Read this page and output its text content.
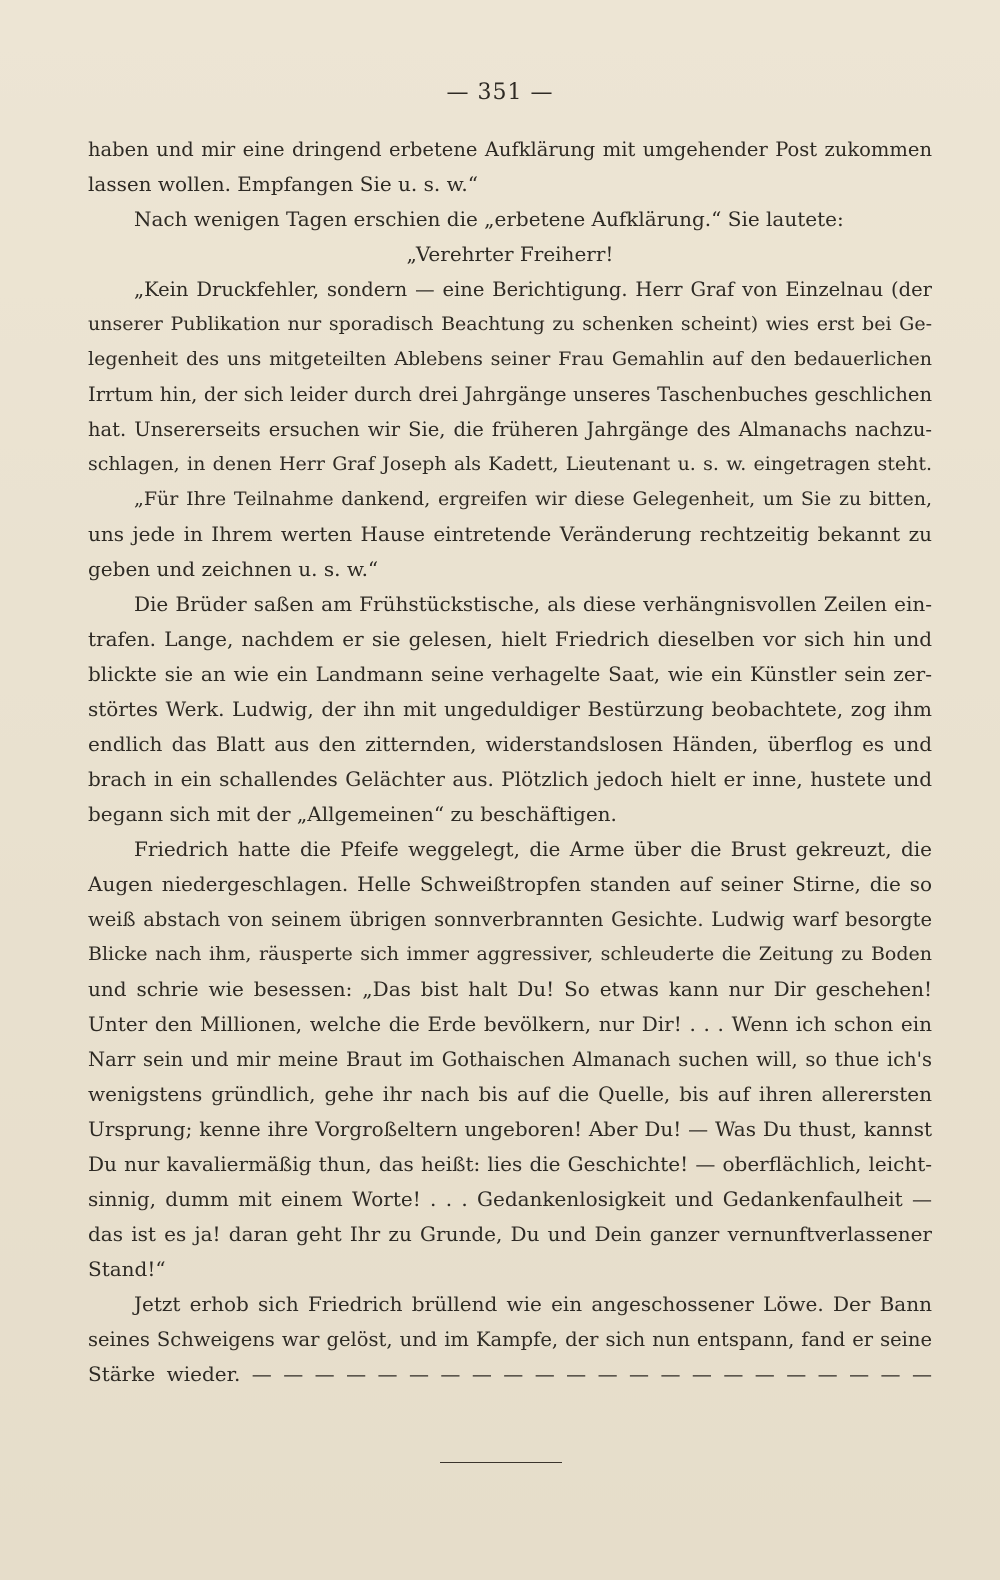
— 351 —
haben und mir eine dringend erbetene Aufklärung mit umgehender Post zukommen
lassen wollen. Empfangen Sie u. s. w.“
Nach wenigen Tagen erschien die „erbetene Aufklärung.“ Sie lautete:
„Verehrter Freiherr!
„Kein Druckfehler, sondern — eine Berichtigung. Herr Graf von Einzelnau (der
unserer Publikation nur sporadisch Beachtung zu schenken scheint) wies erst bei Ge-
legenheit des uns mitgeteilten Ablebens seiner Frau Gemahlin auf den bedauerlichen
Irrtum hin, der sich leider durch drei Jahrgänge unseres Taschenbuches geschlichen
hat. Unsererseits ersuchen wir Sie, die früheren Jahrgänge des Almanachs nachzu-
schlagen, in denen Herr Graf Joseph als Kadett, Lieutenant u. s. w. eingetragen steht.
„Für Ihre Teilnahme dankend, ergreifen wir diese Gelegenheit, um Sie zu bitten,
uns jede in Ihrem werten Hause eintretende Veränderung rechtzeitig bekannt zu
geben und zeichnen u. s. w.“
Die Brüder saßen am Frühstückstische, als diese verhängnisvollen Zeilen ein-
trafen. Lange, nachdem er sie gelesen, hielt Friedrich dieselben vor sich hin und
blickte sie an wie ein Landmann seine verhagelte Saat, wie ein Künstler sein zer-
störtes Werk. Ludwig, der ihn mit ungeduldiger Bestürzung beobachtete, zog ihm
endlich das Blatt aus den zitternden, widerstandslosen Händen, überflog es und
brach in ein schallendes Gelächter aus. Plötzlich jedoch hielt er inne, hustete und
begann sich mit der „Allgemeinen“ zu beschäftigen.
Friedrich hatte die Pfeife weggelegt, die Arme über die Brust gekreuzt, die
Augen niedergeschlagen. Helle Schweißtropfen standen auf seiner Stirne, die so
weiß abstach von seinem übrigen sonnverbrannten Gesichte. Ludwig warf besorgte
Blicke nach ihm, räusperte sich immer aggressiver, schleuderte die Zeitung zu Boden
und schrie wie besessen: „Das bist halt Du! So etwas kann nur Dir geschehen!
Unter den Millionen, welche die Erde bevölkern, nur Dir! . . . Wenn ich schon ein
Narr sein und mir meine Braut im Gothaischen Almanach suchen will, so thue ich's
wenigstens gründlich, gehe ihr nach bis auf die Quelle, bis auf ihren allerersten
Ursprung; kenne ihre Vorgroßeltern ungeboren! Aber Du! — Was Du thust, kannst
Du nur kavaliermäßig thun, das heißt: lies die Geschichte! — oberflächlich, leicht-
sinnig, dumm mit einem Worte! . . . Gedankenlosigkeit und Gedankenfaulheit —
das ist es ja! daran geht Ihr zu Grunde, Du und Dein ganzer vernunftverlassener
Stand!“
Jetzt erhob sich Friedrich brüllend wie ein angeschossener Löwe. Der Bann
seines Schweigens war gelöst, und im Kampfe, der sich nun entspann, fand er seine
Stärke wieder. — — — — — — — — — — — — — — — — — — — — — —
